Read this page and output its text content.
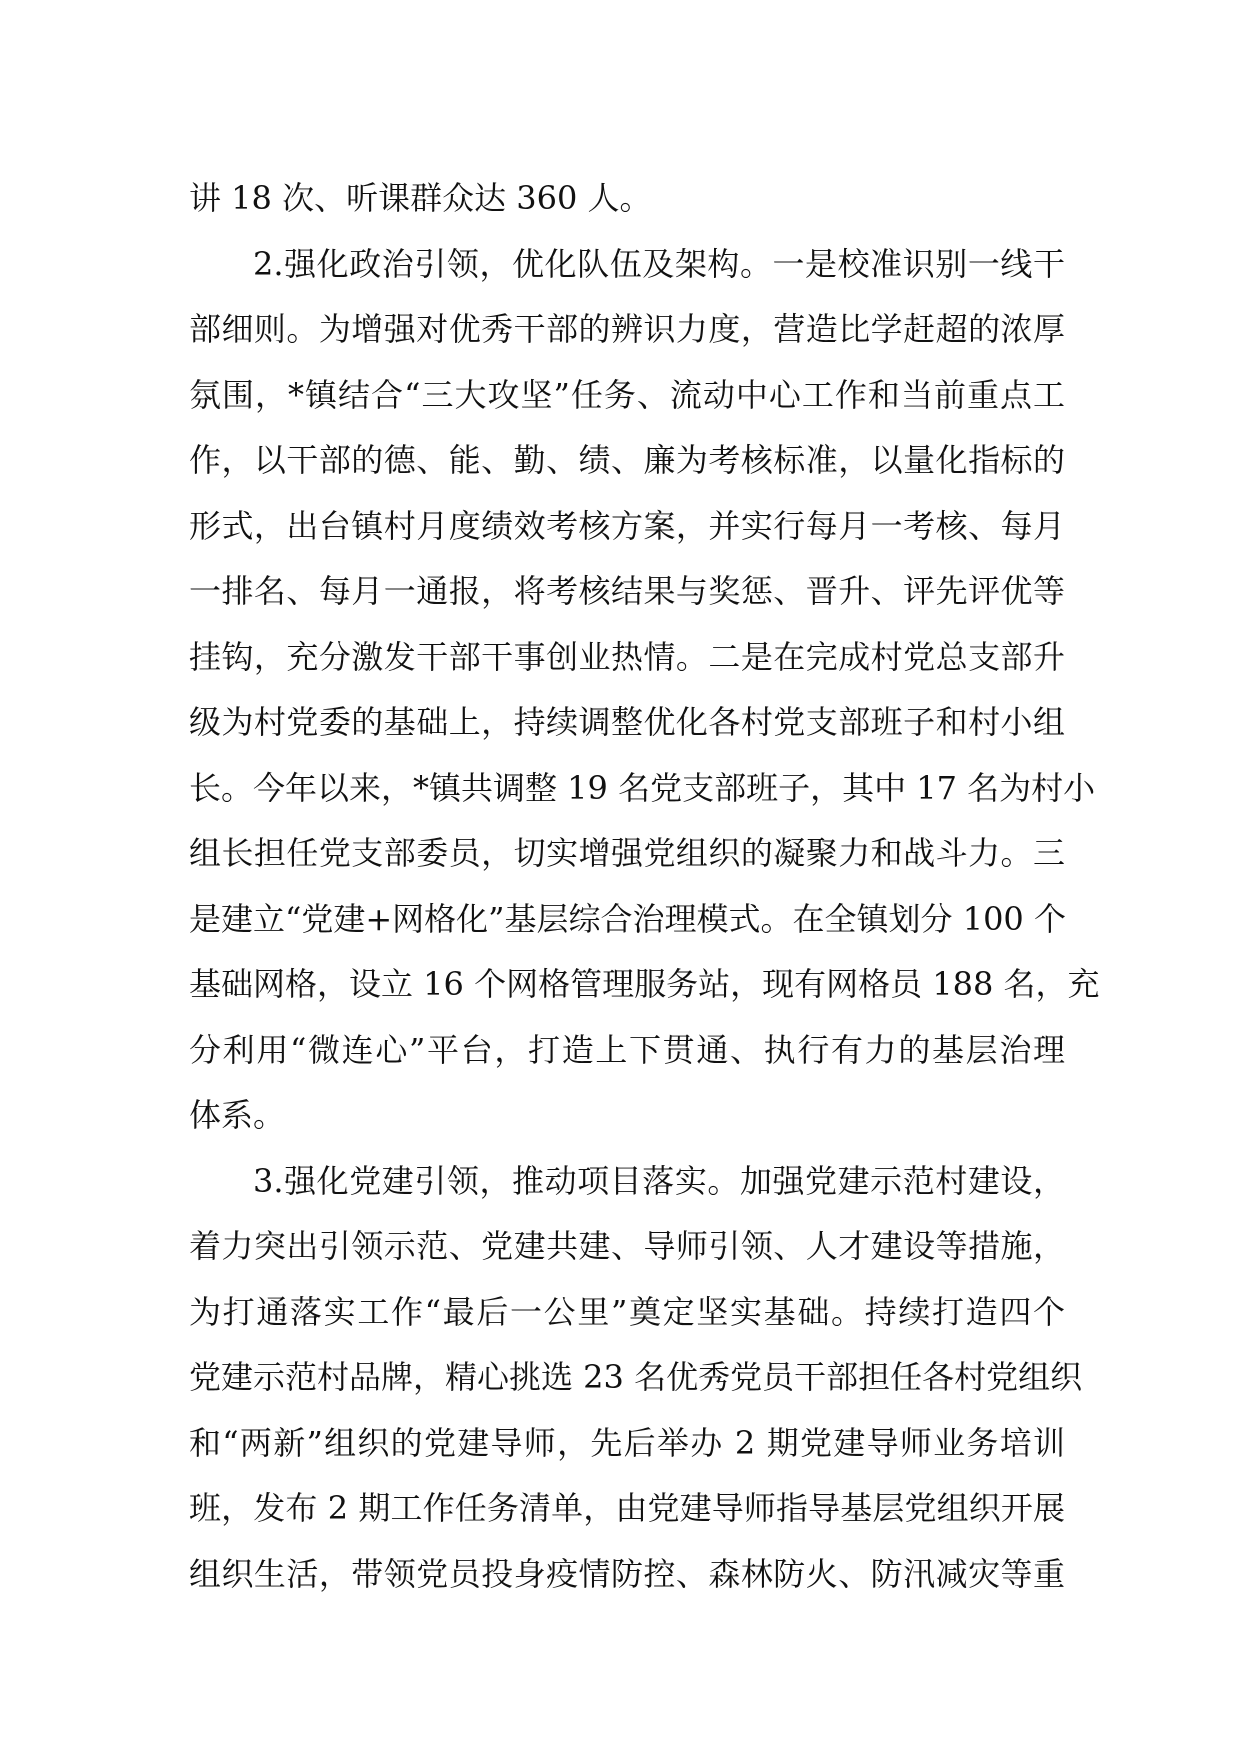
讲 18 次、听课群众达 360 人。
2.强化政治引领，优化队伍及架构。一是校准识别一线干
部细则。为增强对优秀干部的辨识力度，营造比学赶超的浓厚
氛围，*镇结合“三大攻坚”任务、流动中心工作和当前重点工
作，以干部的德、能、勤、绩、廉为考核标准，以量化指标的
形式，出台镇村月度绩效考核方案，并实行每月一考核、每月
一排名、每月一通报，将考核结果与奖惩、晋升、评先评优等
挂钩，充分激发干部干事创业热情。二是在完成村党总支部升
级为村党委的基础上，持续调整优化各村党支部班子和村小组
长。今年以来，*镇共调整 19 名党支部班子，其中 17 名为村小
组长担任党支部委员，切实增强党组织的凝聚力和战斗力。三
是建立“党建+网格化”基层综合治理模式。在全镇划分 100 个
基础网格，设立 16 个网格管理服务站，现有网格员 188 名，充
分利用“微连心”平台，打造上下贯通、执行有力的基层治理
体系。
3.强化党建引领，推动项目落实。加强党建示范村建设，
着力突出引领示范、党建共建、导师引领、人才建设等措施，
为打通落实工作“最后一公里”奠定坚实基础。持续打造四个
党建示范村品牌，精心挑选 23 名优秀党员干部担任各村党组织
和“两新”组织的党建导师，先后举办 2 期党建导师业务培训
班，发布 2 期工作任务清单，由党建导师指导基层党组织开展
组织生活，带领党员投身疫情防控、森林防火、防汛减灾等重
